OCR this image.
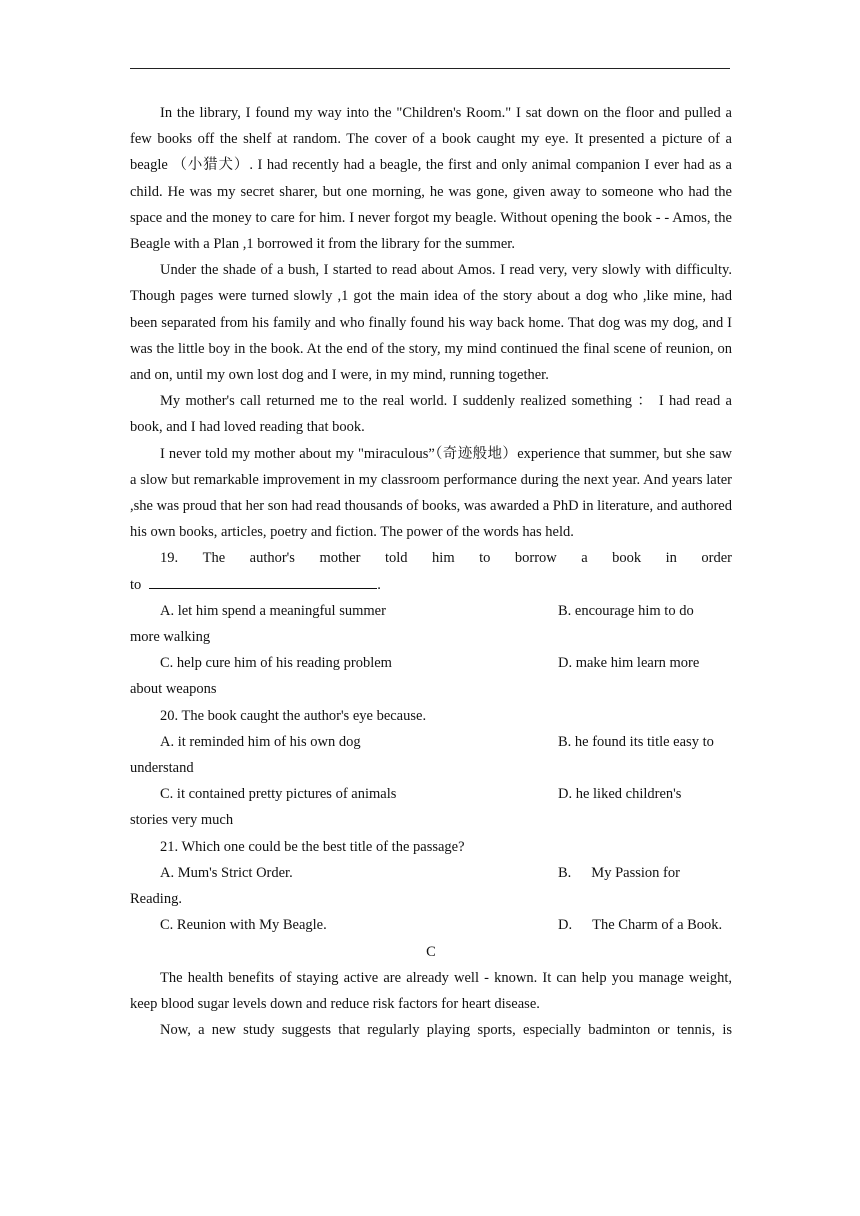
In the library, I found my way into the "Children's Room." I sat down on the floor and pulled a few books off the shelf at random. The cover of a book caught my eye. It presented a picture of a beagle （小猎犬）. I had recently had a beagle, the first and only animal companion I ever had as a child. He was my secret sharer, but one morning, he was gone, given away to someone who had the space and the money to care for him. I never forgot my beagle. Without opening the book - - Amos, the Beagle with a Plan ,1 borrowed it from the library for the summer.

Under the shade of a bush, I started to read about Amos. I read very, very slowly with difficulty. Though pages were turned slowly ,1 got the main idea of the story about a dog who ,like mine, had been separated from his family and who finally found his way back home. That dog was my dog, and I was the little boy in the book. At the end of the story, my mind continued the final scene of reunion, on and on, until my own lost dog and I were, in my mind, running together.

My mother's call returned me to the real world. I suddenly realized something ： I had read a book, and I had loved reading that book.

I never told my mother about my "miraculous”（奇迹般地）experience that summer, but she saw a slow but remarkable improvement in my classroom performance during the next year. And years later ,she was proud that her son had read thousands of books, was awarded a PhD in literature, and authored his own books, articles, poetry and fiction. The power of the words has held.

19. The author's mother told him to borrow a book in order

to	.

A. let him spend a meaningful summer	B. encourage him to do
more walking
C. help cure him of his reading problem	D. make him learn more
about weapons

20. The book caught the author's eye because.

A. it reminded him of his own dog	B. he found its title easy to
understand
C. it contained pretty pictures of animals	D. he liked children's
stories very much

21. Which one could be the best title of the passage?

A. Mum's Strict Order.	B. My Passion for
Reading.
C. Reunion with My Beagle.	D. The Charm of a Book.

C

The health benefits of staying active are already well - known. It can help you manage weight, keep blood sugar levels down and reduce risk factors for heart disease.

Now, a new study suggests that regularly playing sports, especially badminton or tennis, is
